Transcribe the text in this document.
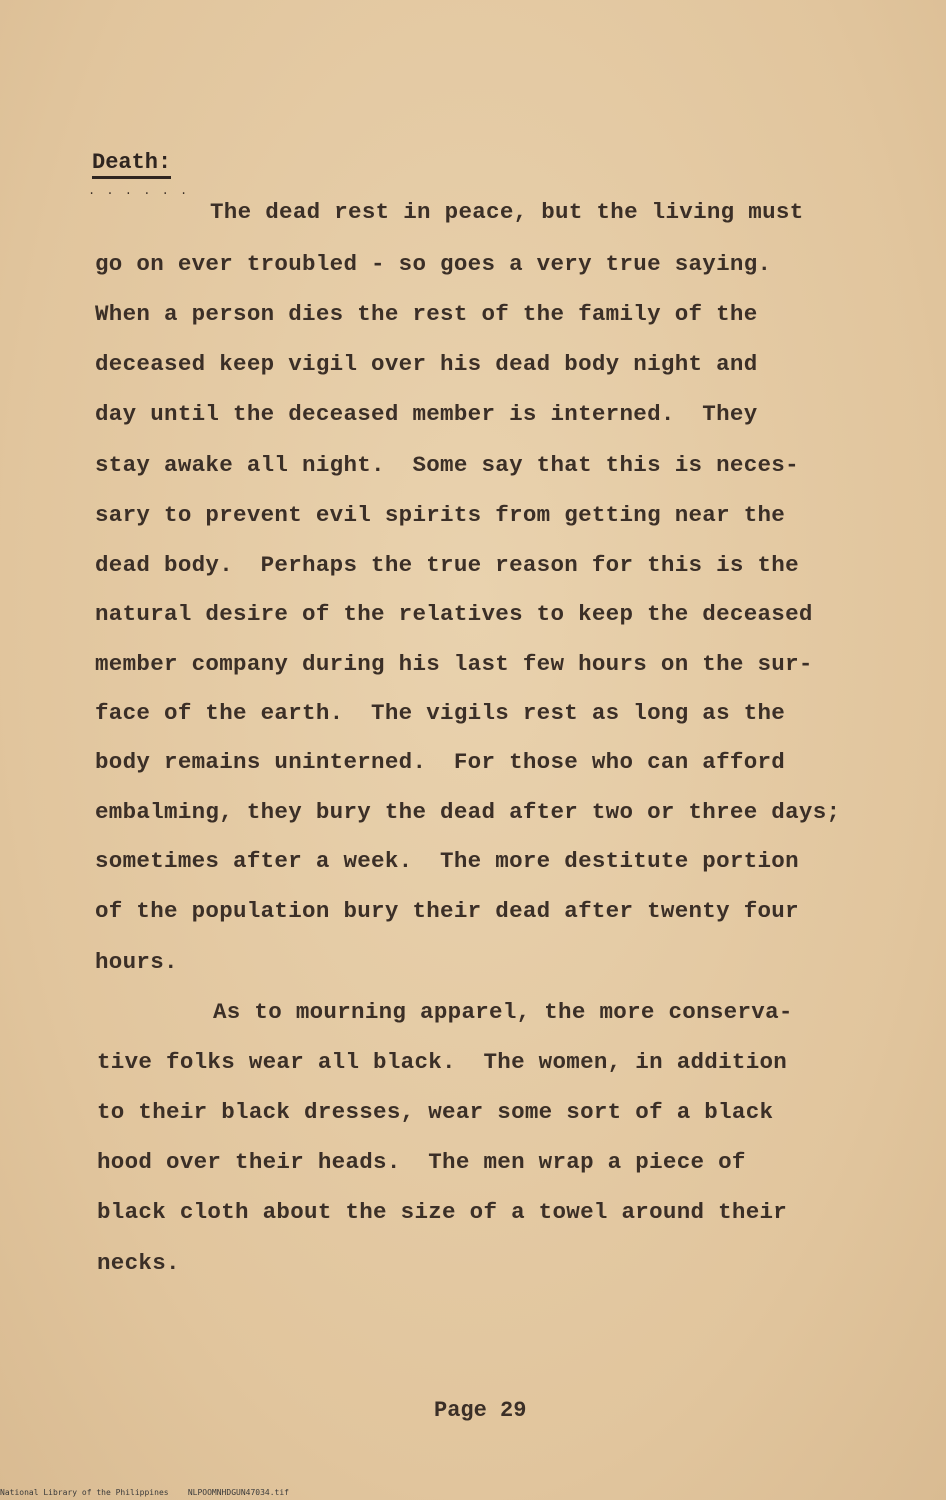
Death:
. . . . . .
The dead rest in peace, but the living must
go on ever troubled - so goes a very true saying.
When a person dies the rest of the family of the
deceased keep vigil over his dead body night and
day until the deceased member is interned.  They
stay awake all night.  Some say that this is neces-
sary to prevent evil spirits from getting near the
dead body.  Perhaps the true reason for this is the
natural desire of the relatives to keep the deceased
member company during his last few hours on the sur-
face of the earth.  The vigils rest as long as the
body remains uninterned.  For those who can afford
embalming, they bury the dead after two or three days;
sometimes after a week.  The more destitute portion
of the population bury their dead after twenty four
hours.
As to mourning apparel, the more conserva-
tive folks wear all black.  The women, in addition
to their black dresses, wear some sort of a black
hood over their heads.  The men wrap a piece of
black cloth about the size of a towel around their
necks.
Page 29
National Library of the Philippines NLPOOMNHDGUN47034.tif
